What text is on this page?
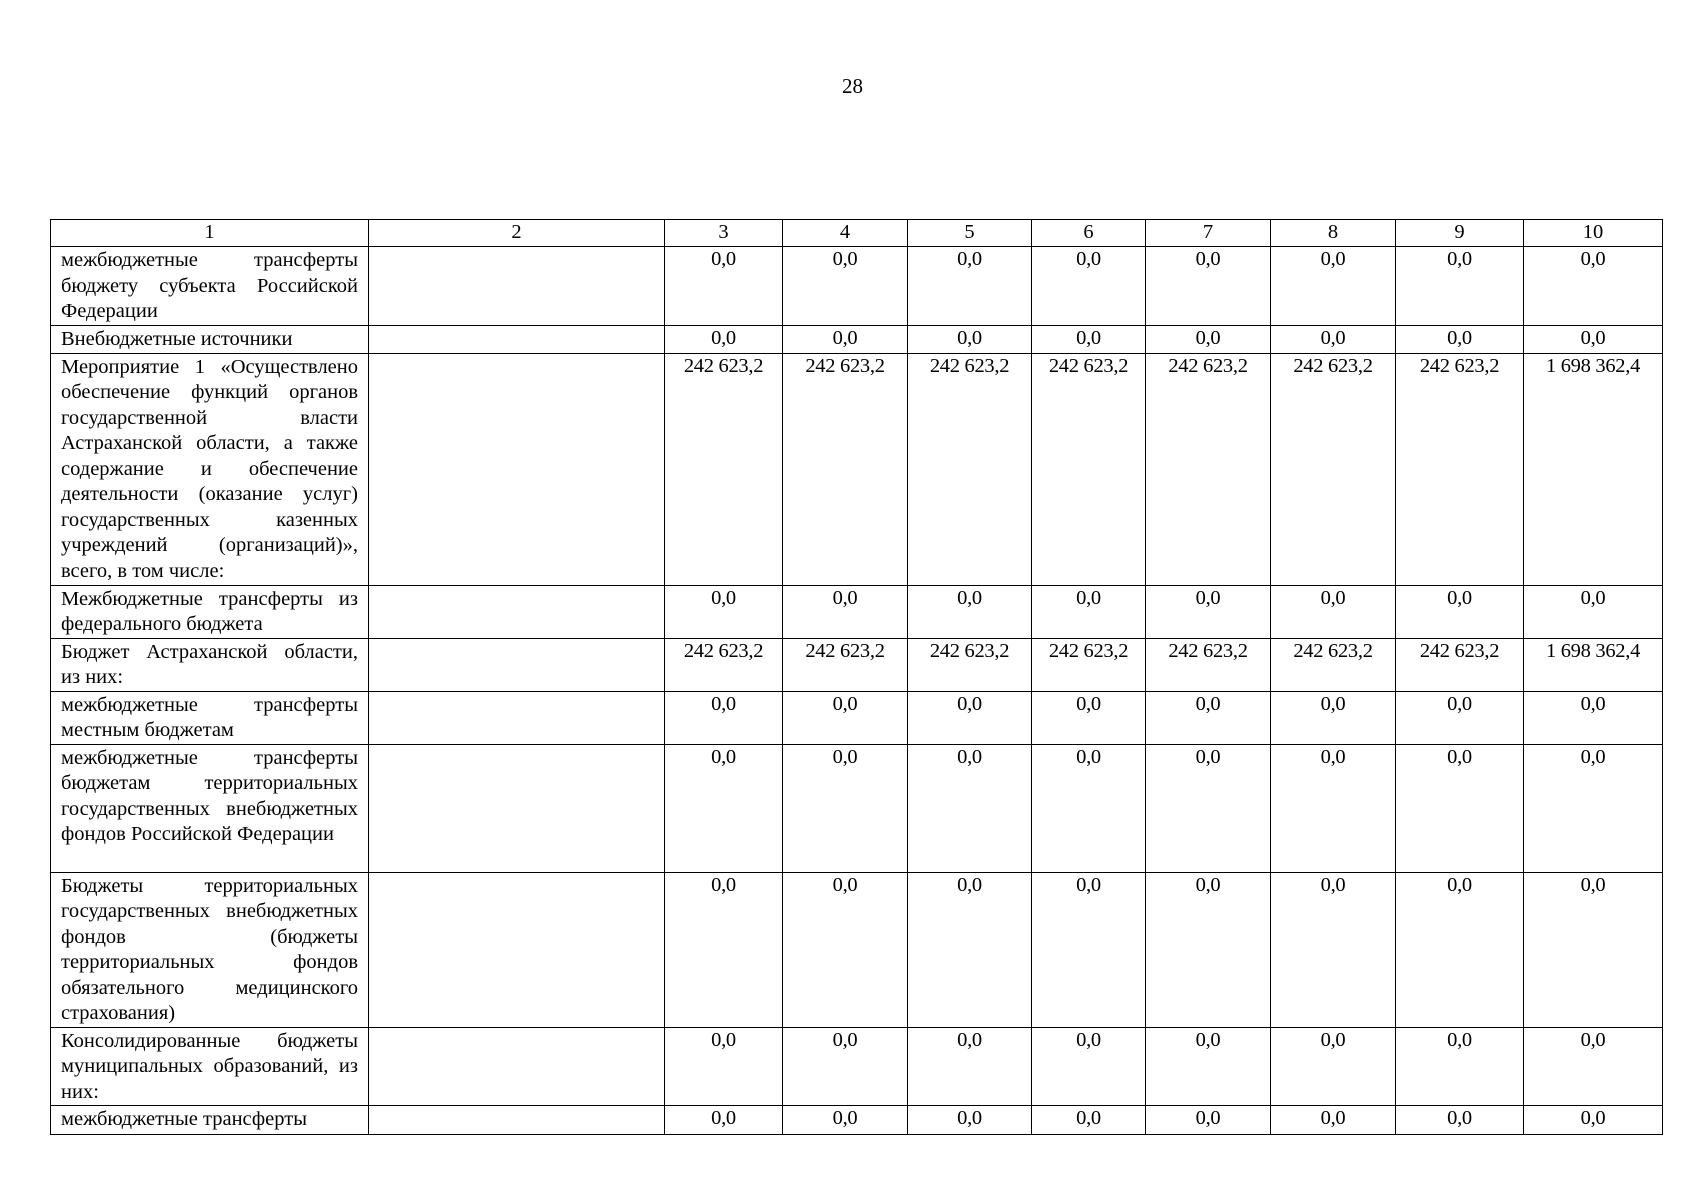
28
1	2	3	4	5	6	7	8	9	10
межбюджетные трансферты бюджету субъекта Российской Федерации		0,0	0,0	0,0	0,0	0,0	0,0	0,0	0,0
Внебюджетные источники		0,0	0,0	0,0	0,0	0,0	0,0	0,0	0,0
Мероприятие 1 «Осуществлено обеспечение функций органов государственной власти Астраханской области, а также содержание и обеспечение деятельности (оказание услуг) государственных казенных учреждений (организаций)», всего, в том числе:		242 623,2	242 623,2	242 623,2	242 623,2	242 623,2	242 623,2	242 623,2	1 698 362,4
Межбюджетные трансферты из федерального бюджета		0,0	0,0	0,0	0,0	0,0	0,0	0,0	0,0
Бюджет Астраханской области, из них:		242 623,2	242 623,2	242 623,2	242 623,2	242 623,2	242 623,2	242 623,2	1 698 362,4
межбюджетные трансферты местным бюджетам		0,0	0,0	0,0	0,0	0,0	0,0	0,0	0,0
межбюджетные трансферты бюджетам территориальных государственных внебюджетных фондов Российской Федерации		0,0	0,0	0,0	0,0	0,0	0,0	0,0	0,0
Бюджеты территориальных государственных внебюджетных фондов (бюджеты территориальных фондов обязательного медицинского страхования)		0,0	0,0	0,0	0,0	0,0	0,0	0,0	0,0
Консолидированные бюджеты муниципальных образований, из них:		0,0	0,0	0,0	0,0	0,0	0,0	0,0	0,0
межбюджетные трансферты		0,0	0,0	0,0	0,0	0,0	0,0	0,0	0,0
